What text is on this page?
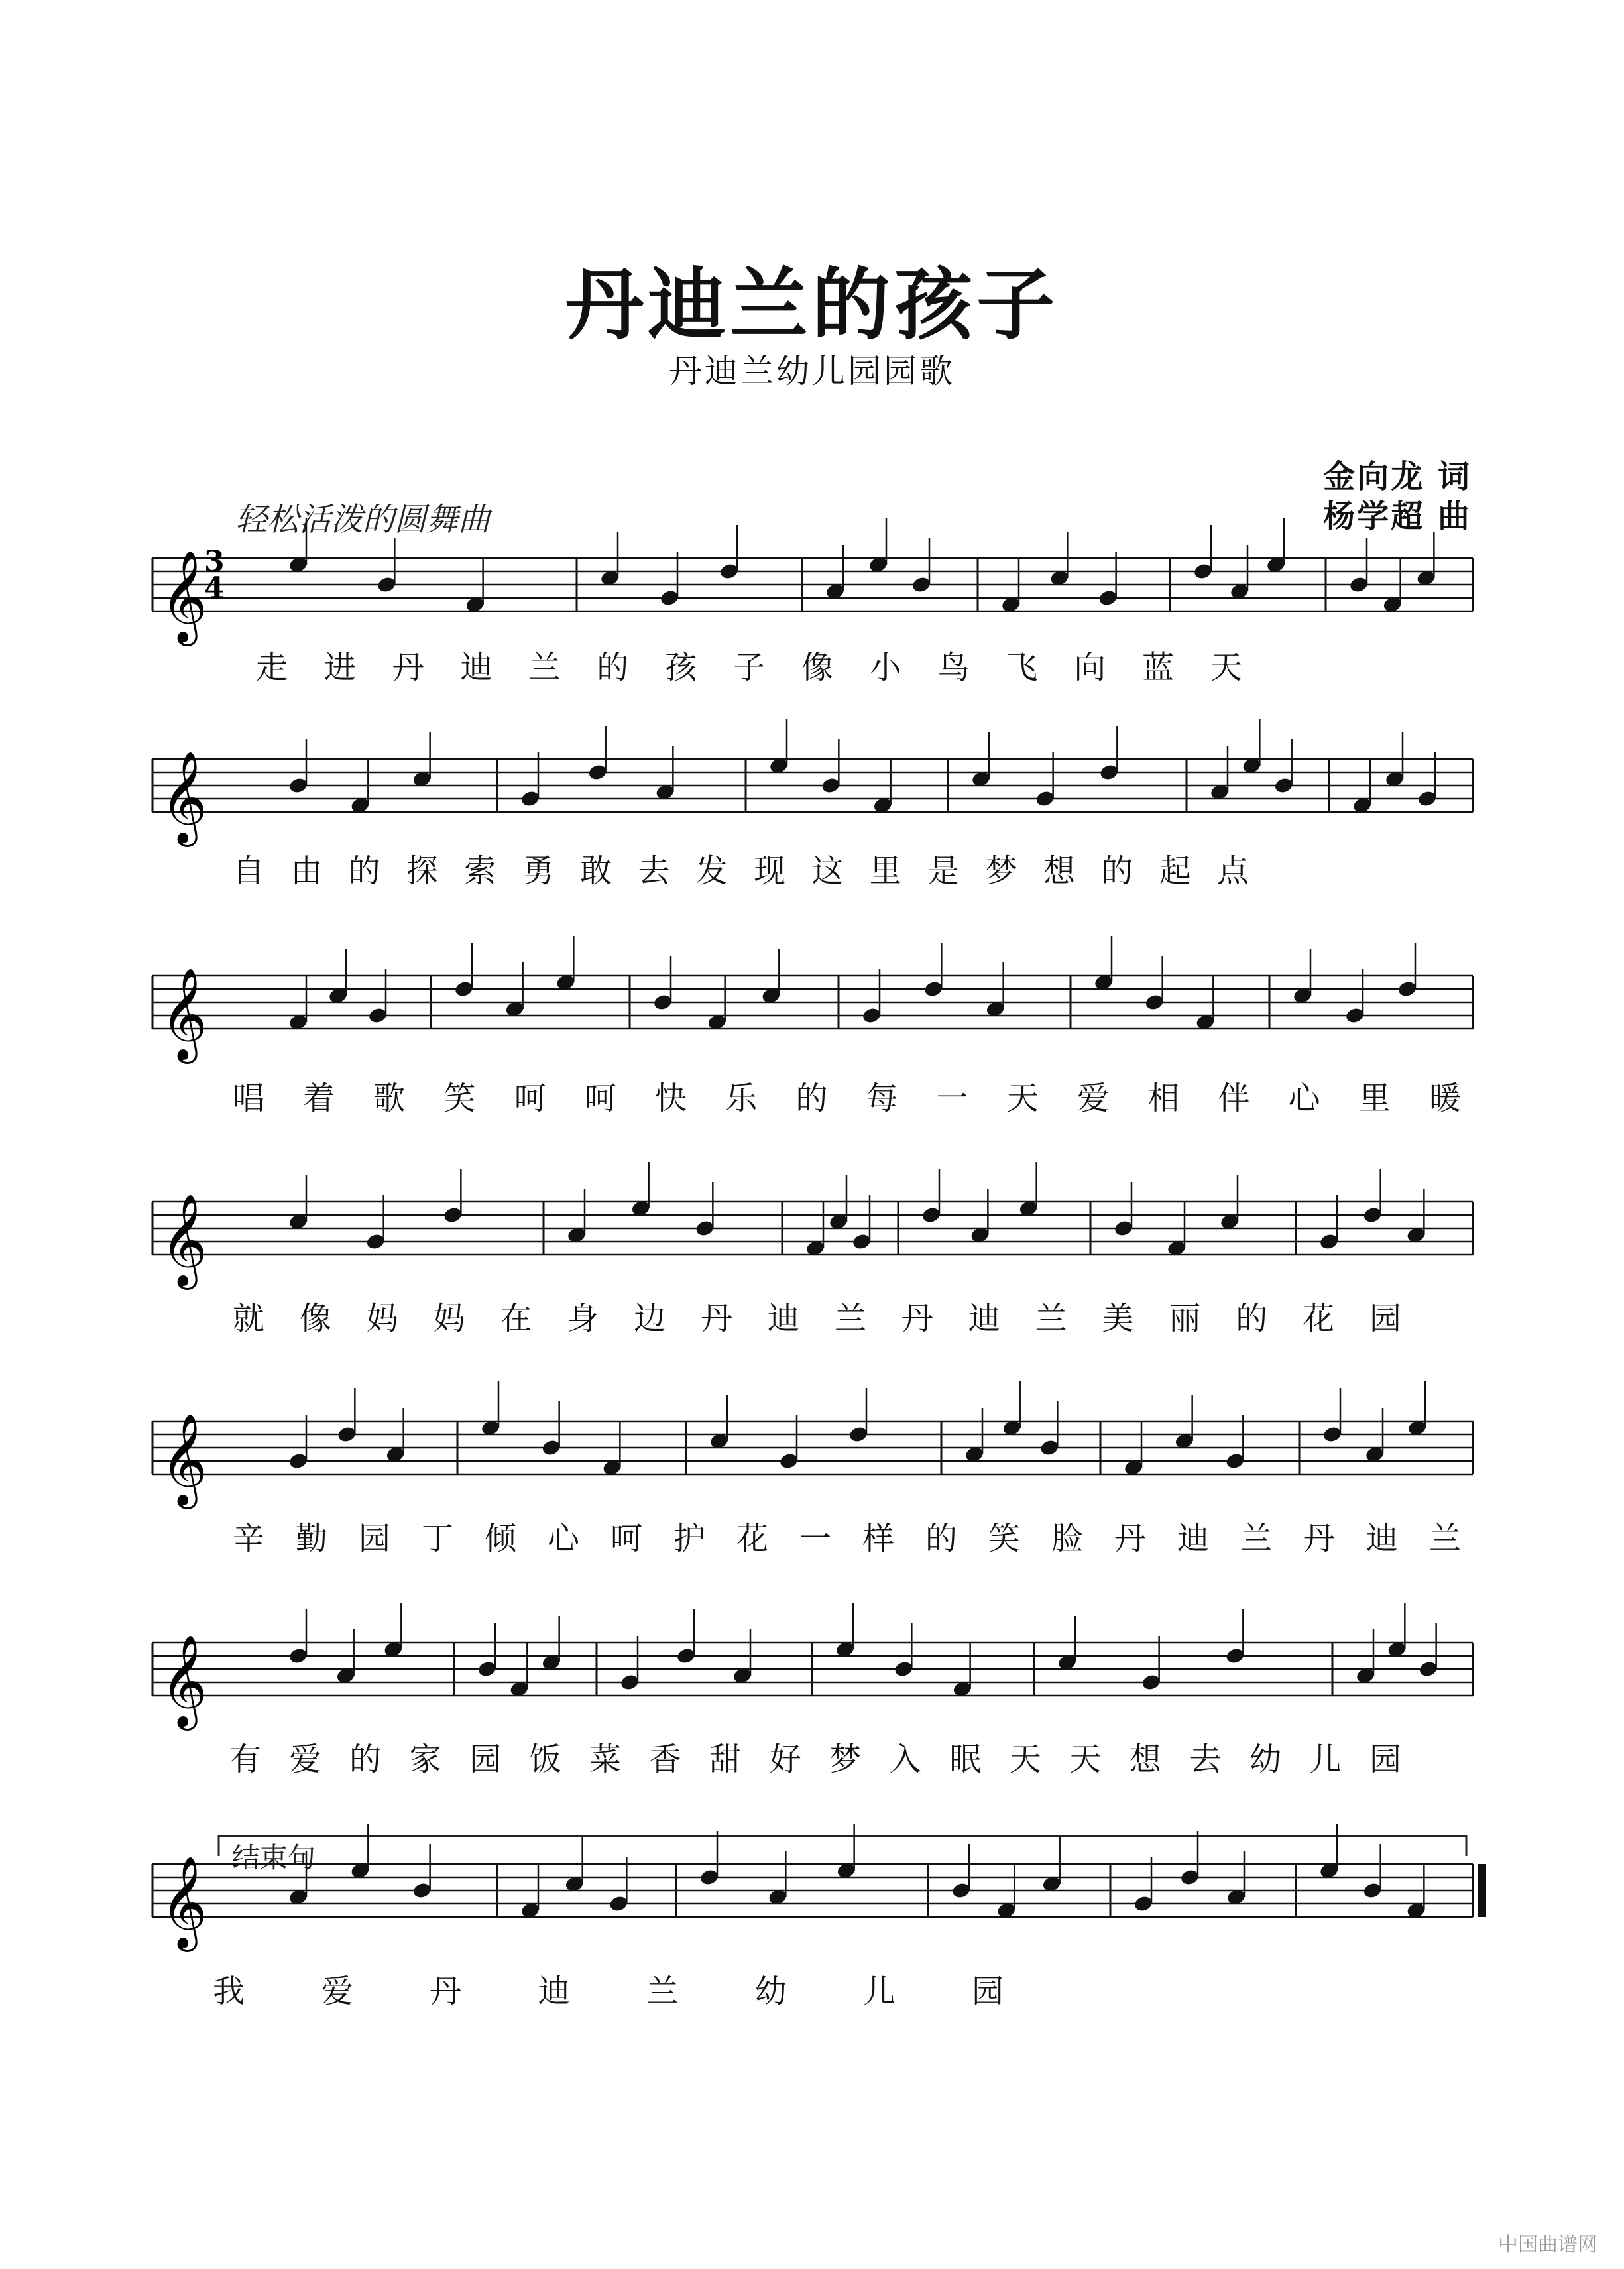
丹迪兰的孩子
丹迪兰幼儿园园歌
金向龙 词
杨学超 曲
轻松活泼的圆舞曲
结束句
中国曲谱网
𝄞
𝄞
𝄞
𝄞
𝄞
𝄞
𝄞
3
4
走 进 丹 迪 兰 的 孩 子 像 小 鸟 飞 向 蓝 天
自 由 的 探 索 勇 敢 去 发 现 这 里 是 梦 想 的 起 点
唱 着 歌 笑 呵 呵 快 乐 的 每 一 天 爱 相 伴 心 里 暖
就 像 妈 妈 在 身 边 丹 迪 兰 丹 迪 兰 美 丽 的 花 园
辛 勤 园 丁 倾 心 呵 护 花 一 样 的 笑 脸 丹 迪 兰 丹 迪 兰
有 爱 的 家 园 饭 菜 香 甜 好 梦 入 眠 天 天 想 去 幼 儿 园
我 爱 丹 迪 兰 幼 儿 园
